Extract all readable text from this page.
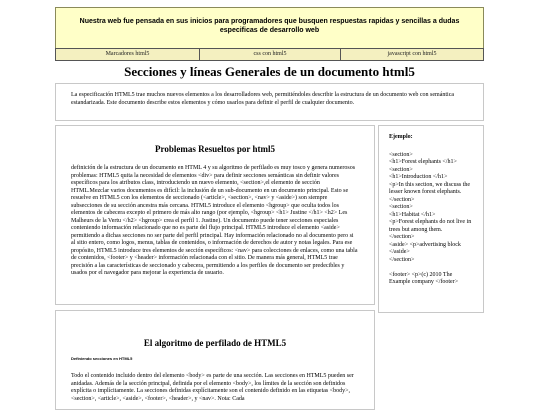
Nuestra web fue pensada en sus inicios para programadores que busquen respuestas rapidas y sencillas a dudas especificas de desarrollo web
Marcadores html5	css con html5	javascript con html5
Secciones y líneas Generales de un documento html5
La especificación HTML5 trae muchos nuevos elementos a los desarrolladores web, permitiéndoles describir la estructura de un documento web con semántica estandarizada. Este documento describe estos elementos y cómo usarlos para definir el perfil de cualquier documento.
Problemas Resueltos por html5
definición de la estructura de un documento en HTML 4 y su algoritmo de perfilado es muy tosco y genera numerosos problemas: HTML5 quita la necesidad de elementos <div> para definir secciones semánticas sin definir valores específicos para los atributos class, introduciendo un nuevo elemento, <section>,el elemento de sección HTML.Mezclar varios documentos es difícil: la inclusión de un sub-documento en un documento principal. Esto se resuelve en HTML5 con los elementos de seccionado (<article>, <section>, <nav> y <aside>) son siempre subsecciones de su sección ancestra más cercana. HTML5 introduce el elemento <hgroup> que oculta todos los elementos de cabecera excepto el primero de más alto rango (por ejemplo, <hgroup> <h1> Justine </h1> <h2> Les Malheurs de la Vertu </h2> <hgroup> crea el perfil 1. Justine). Un documento puede tener secciones especiales conteniendo información relacionado que no es parte del flujo principal. HTML5 introduce el elemento <aside> permitiendo a dichas secciones no ser parte del perfil principal. Hay información relacionado no al documento pero si al sitio entero, como logos, menus, tablas de contenidos, o información de derechos de autor y notas legales. Para ese propósito, HTML5 introduce tres elementos de sección específicos: <nav> para colecciones de enlaces, como una tabla de contenidos, <footer> y <header> información relacionada con el sitio. De manera más general, HTML5 trae precisión a las características de seccionado y cabecera, permitiendo a los perfiles de documento ser predecibles y usados por el navegador para mejorar la experiencia de usuario.
Ejemplo:
<section>
<h1>Forest elephants </h1>
<section>
<h1>Introduction </h1>
<p>In this section, we discuss the lesser known forest elephants.
</section>
<section>
<h1>Habitat </h1>
<p>Forest elephants do not live in trees but among them.
</section>
<aside> <p>advertising block
</aside>
</section>

<footer> <p>(c) 2010 The Example company </footer>
El algoritmo de perfilado de HTML5
Definiendo secciones en HTML5
Todo el contenido incluido dentro del elemento <body> es parte de una sección. Las secciones en HTML5 pueden ser anidadas. Además de la sección principal, definida por el elemento <body>, los límites de la sección son definidos explícita o implícitamente. La secciones definidas explícitamente son el contenido definido en las etiquetas <body>, <section>, <article>, <aside>, <footer>, <header>, y <nav>. Nota: Cada
